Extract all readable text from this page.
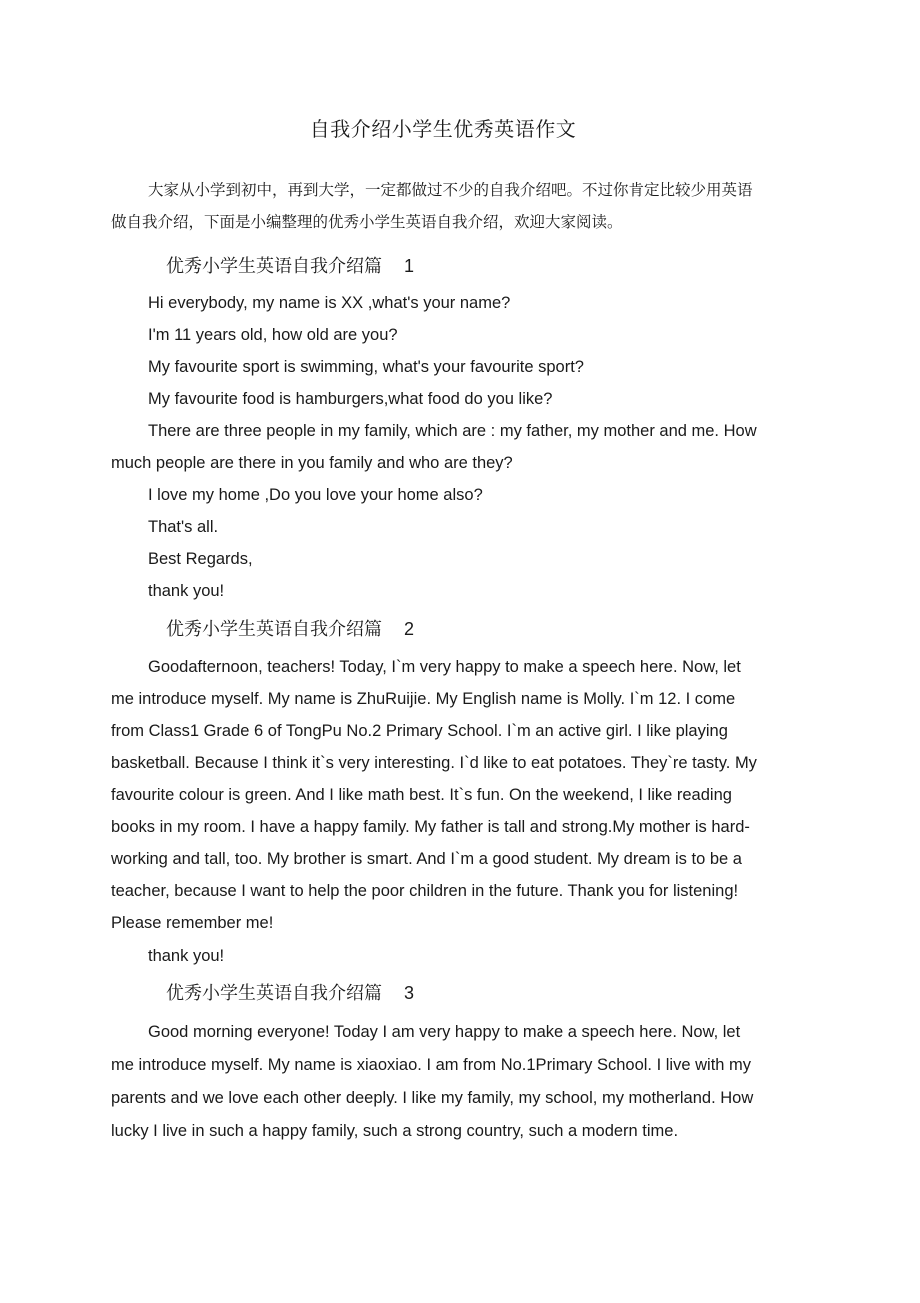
自我介绍小学生优秀英语作文

大家从小学到初中，再到大学，一定都做过不少的自我介绍吧。不过你肯定比较少用英语做自我介绍，下面是小编整理的优秀小学生英语自我介绍，欢迎大家阅读。

优秀小学生英语自我介绍篇 1
Hi everybody, my name is XX ,what's your name?
I'm 11 years old, how old are you?
My favourite sport is swimming, what's your favourite sport?
My favourite food is hamburgers,what food do you like?

There are three people in my family, which are : my father, my mother and me. How much people are there in you family and who are they?

I love my home ,Do you love your home also?
That's all.
Best Regards,
thank you!
优秀小学生英语自我介绍篇 2

Goodafternoon, teachers! Today, I`m very happy to make a speech here. Now, let me introduce myself. My name is ZhuRuijie. My English name is Molly. I`m 12. I come from Class1 Grade 6 of TongPu No.2 Primary School. I`m an active girl. I like playing basketball. Because I think it`s very interesting. I`d like to eat potatoes. They`re tasty. My favourite colour is green. And I like math best. It`s fun. On the weekend, I like reading books in my room. I have a happy family. My father is tall and strong.My mother is hard-working and tall, too. My brother is smart. And I`m a good student. My dream is to be a teacher, because I want to help the poor children in the future. Thank you for listening! Please remember me!

thank you!
优秀小学生英语自我介绍篇 3

Good morning everyone! Today I am very happy to make a speech here. Now, let me introduce myself. My name is xiaoxiao. I am from No.1Primary School. I live with my parents and we love each other deeply. I like my family, my school, my motherland. How lucky I live in such a happy family, such a strong country, such a modern time.
